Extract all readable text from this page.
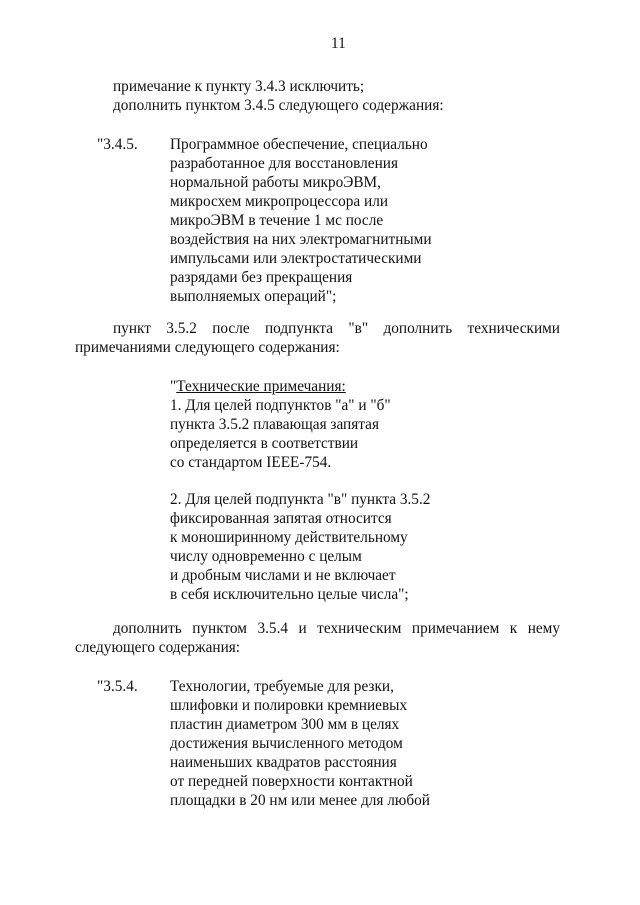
11
примечание к пункту 3.4.3 исключить;
дополнить пунктом 3.4.5 следующего содержания:
"3.4.5. Программное обеспечение, специально
разработанное для восстановления
нормальной работы микроЭВМ,
микросхем микропроцессора или
микроЭВМ в течение 1 мс после
воздействия на них электромагнитными
импульсами или электростатическими
разрядами без прекращения
выполняемых операций";
пункт 3.5.2 после подпункта "в" дополнить техническими
примечаниями следующего содержания:
"Технические примечания:
1. Для целей подпунктов "а" и "б"
пункта 3.5.2 плавающая запятая
определяется в соответствии
со стандартом IEEE-754.
2. Для целей подпункта "в" пункта 3.5.2
фиксированная запятая относится
к моноширинному действительному
числу одновременно с целым
и дробным числами и не включает
в себя исключительно целые числа";
дополнить пунктом 3.5.4 и техническим примечанием к нему
следующего содержания:
"3.5.4. Технологии, требуемые для резки,
шлифовки и полировки кремниевых
пластин диаметром 300 мм в целях
достижения вычисленного методом
наименьших квадратов расстояния
от передней поверхности контактной
площадки в 20 нм или менее для любой
